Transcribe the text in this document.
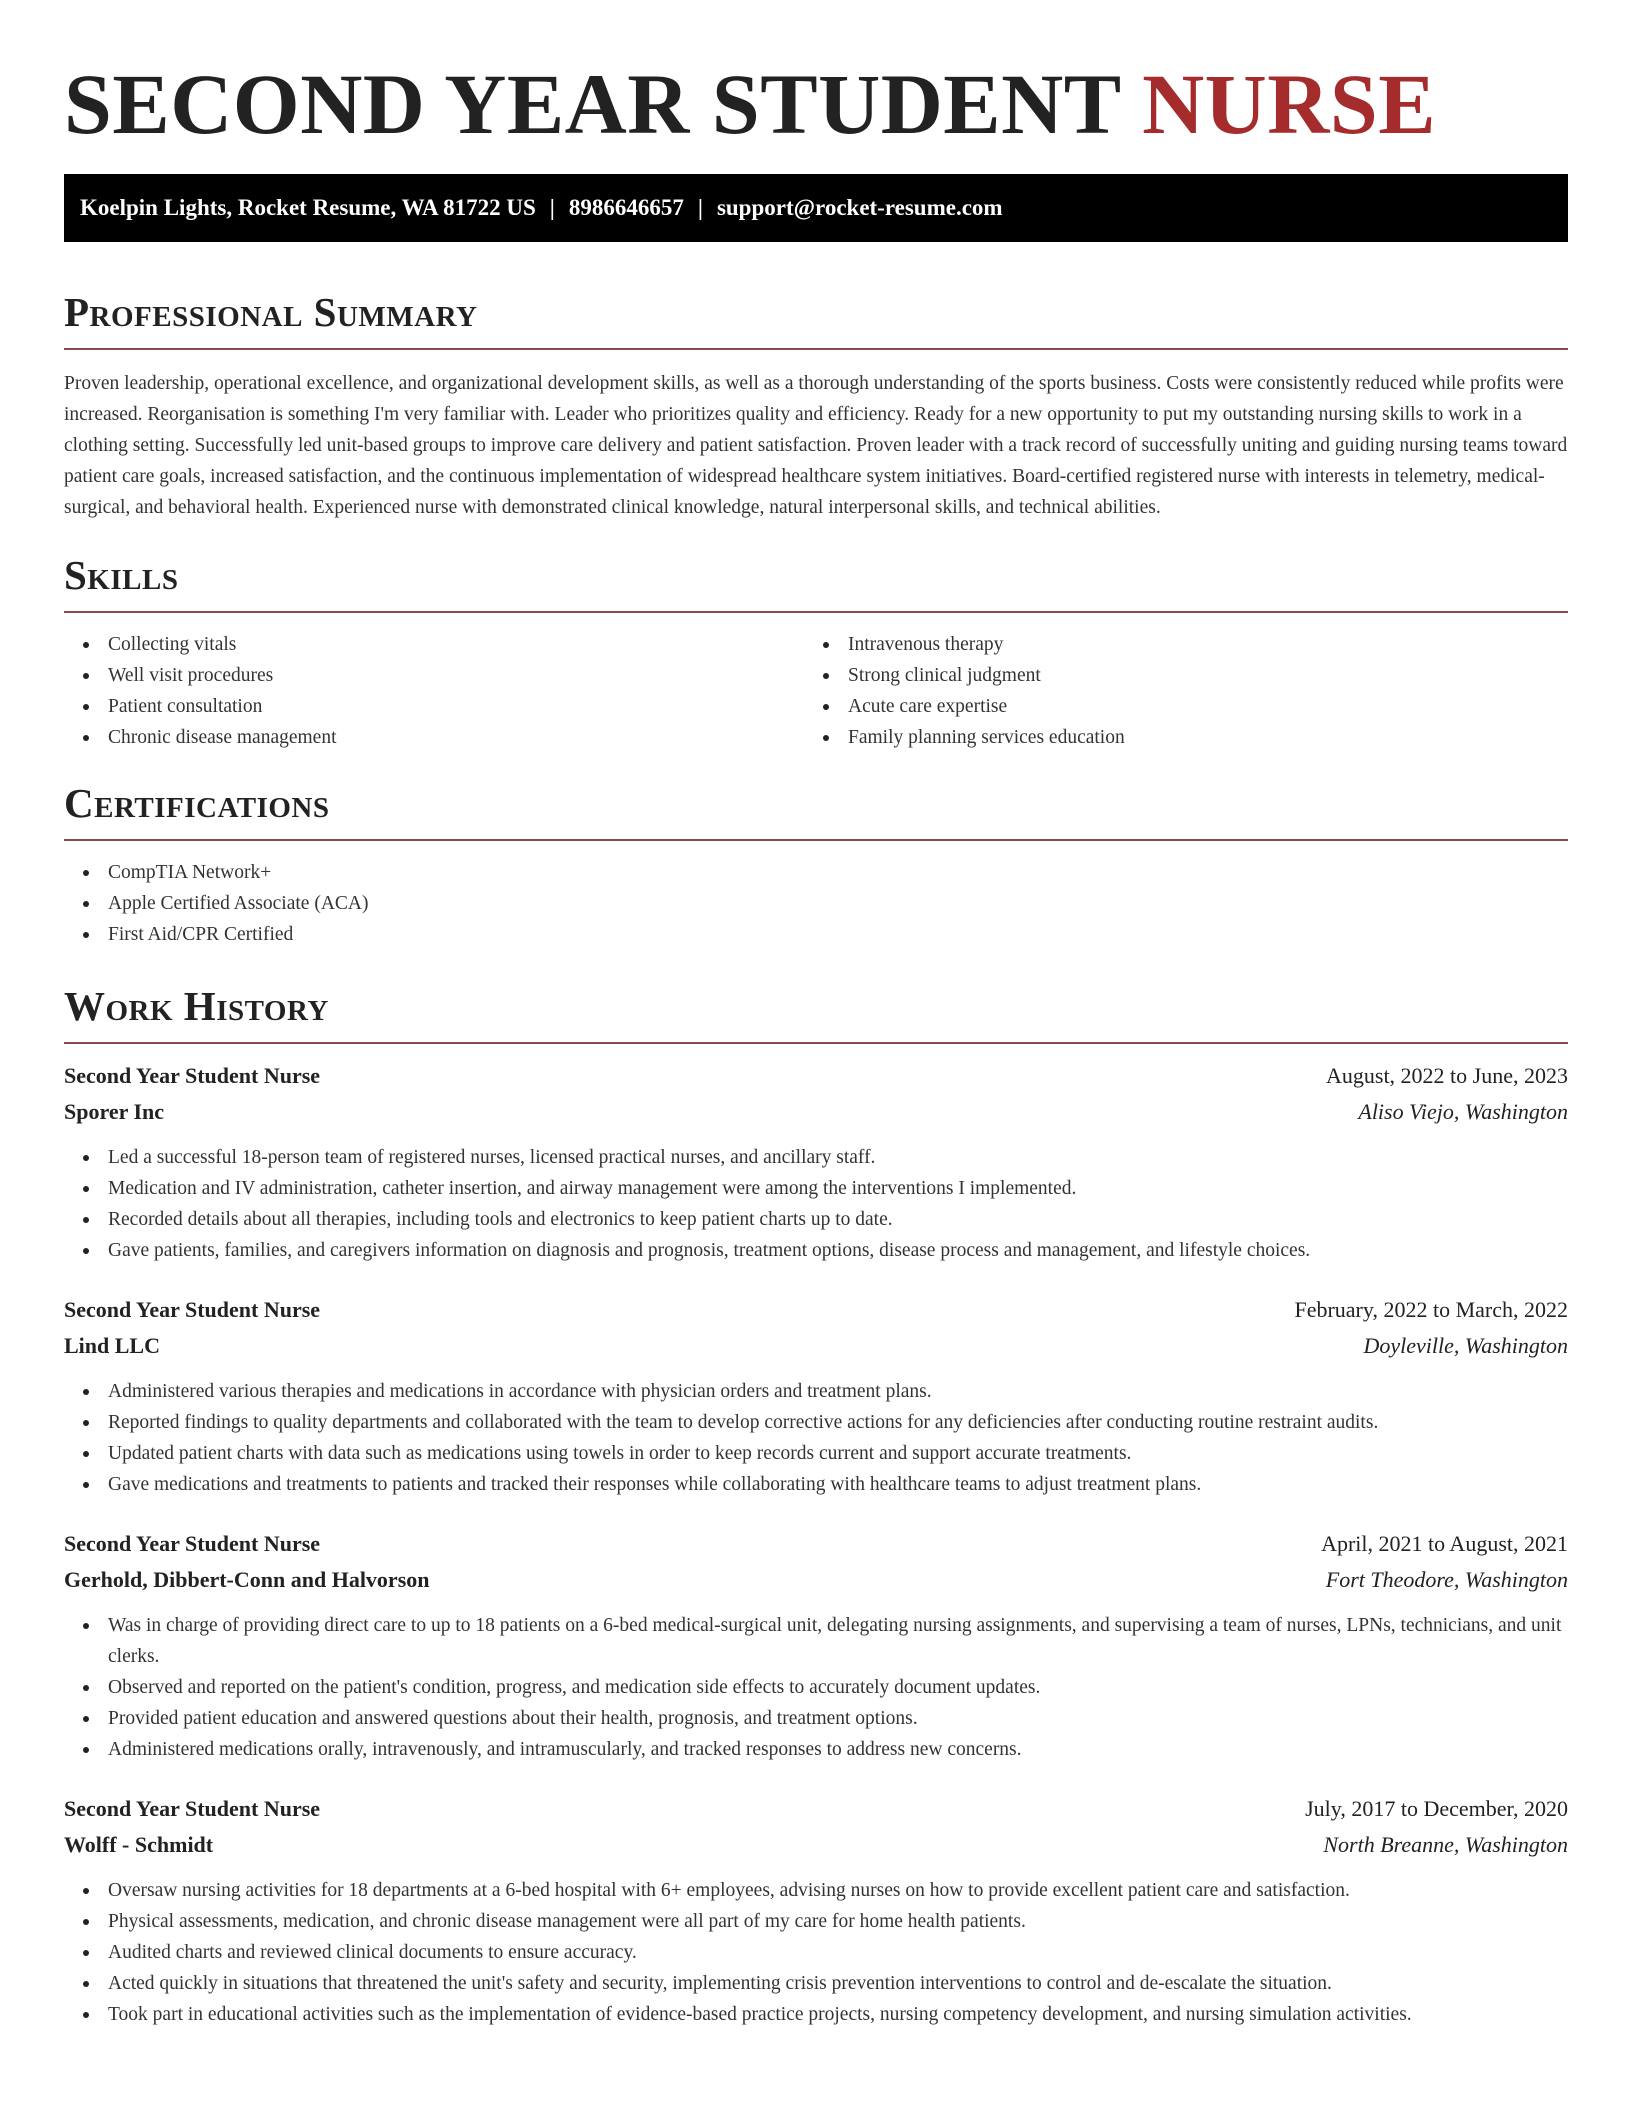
SECOND YEAR STUDENT NURSE
Koelpin Lights, Rocket Resume, WA 81722 US | 8986646657 | support@rocket-resume.com
Professional Summary

Proven leadership, operational excellence, and organizational development skills, as well as a thorough understanding of the sports business. Costs were consistently reduced while profits were increased. Reorganisation is something I'm very familiar with. Leader who prioritizes quality and efficiency. Ready for a new opportunity to put my outstanding nursing skills to work in a clothing setting. Successfully led unit-based groups to improve care delivery and patient satisfaction. Proven leader with a track record of successfully uniting and guiding nursing teams toward patient care goals, increased satisfaction, and the continuous implementation of widespread healthcare system initiatives. Board-certified registered nurse with interests in telemetry, medical-surgical, and behavioral health. Experienced nurse with demonstrated clinical knowledge, natural interpersonal skills, and technical abilities.

Skills
Collecting vitals
Well visit procedures
Patient consultation
Chronic disease management
Intravenous therapy
Strong clinical judgment
Acute care expertise
Family planning services education
Certifications
CompTIA Network+
Apple Certified Associate (ACA)
First Aid/CPR Certified
Work History
Second Year Student Nurse	August, 2022 to June, 2023
Sporer Inc	Aliso Viejo, Washington
Led a successful 18-person team of registered nurses, licensed practical nurses, and ancillary staff.
Medication and IV administration, catheter insertion, and airway management were among the interventions I implemented.
Recorded details about all therapies, including tools and electronics to keep patient charts up to date.
Gave patients, families, and caregivers information on diagnosis and prognosis, treatment options, disease process and management, and lifestyle choices.
Second Year Student Nurse	February, 2022 to March, 2022
Lind LLC	Doyleville, Washington
Administered various therapies and medications in accordance with physician orders and treatment plans.
Reported findings to quality departments and collaborated with the team to develop corrective actions for any deficiencies after conducting routine restraint audits.
Updated patient charts with data such as medications using towels in order to keep records current and support accurate treatments.
Gave medications and treatments to patients and tracked their responses while collaborating with healthcare teams to adjust treatment plans.
Second Year Student Nurse	April, 2021 to August, 2021
Gerhold, Dibbert-Conn and Halvorson	Fort Theodore, Washington
Was in charge of providing direct care to up to 18 patients on a 6-bed medical-surgical unit, delegating nursing assignments, and supervising a team of nurses, LPNs, technicians, and unit clerks.
Observed and reported on the patient's condition, progress, and medication side effects to accurately document updates.
Provided patient education and answered questions about their health, prognosis, and treatment options.
Administered medications orally, intravenously, and intramuscularly, and tracked responses to address new concerns.
Second Year Student Nurse	July, 2017 to December, 2020
Wolff - Schmidt	North Breanne, Washington
Oversaw nursing activities for 18 departments at a 6-bed hospital with 6+ employees, advising nurses on how to provide excellent patient care and satisfaction.
Physical assessments, medication, and chronic disease management were all part of my care for home health patients.
Audited charts and reviewed clinical documents to ensure accuracy.
Acted quickly in situations that threatened the unit's safety and security, implementing crisis prevention interventions to control and de-escalate the situation.
Took part in educational activities such as the implementation of evidence-based practice projects, nursing competency development, and nursing simulation activities.
